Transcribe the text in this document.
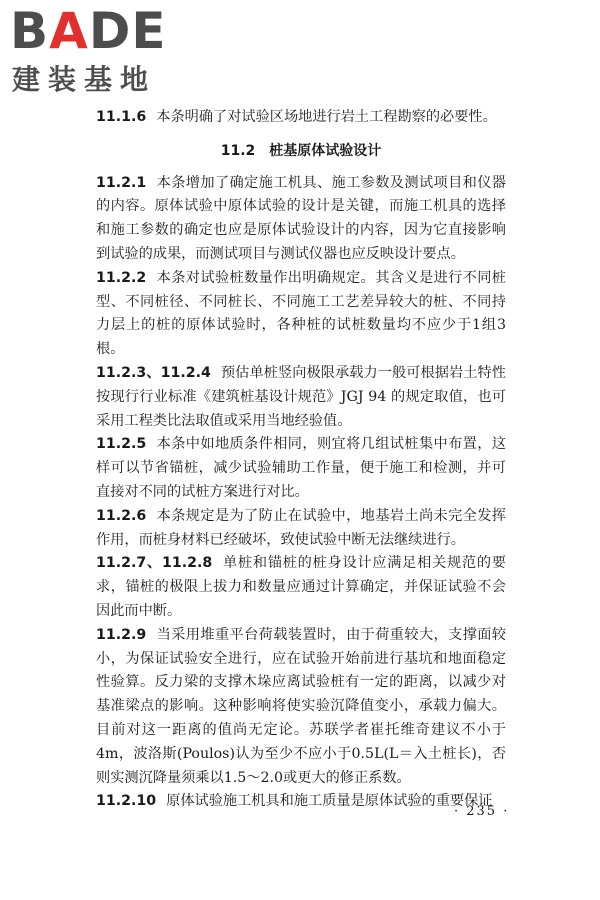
BADE
建装基地

11.1.6 本条明确了对试验区场地进行岩土工程勘察的必要性。

11.2 桩基原体试验设计

11.2.1 本条增加了确定施工机具、施工参数及测试项目和仪器的内容。原体试验中原体试验的设计是关键，而施工机具的选择和施工参数的确定也应是原体试验设计的内容，因为它直接影响到试验的成果，而测试项目与测试仪器也应反映设计要点。

11.2.2 本条对试验桩数量作出明确规定。其含义是进行不同桩型、不同桩径、不同桩长、不同施工工艺差异较大的桩、不同持力层上的桩的原体试验时，各种桩的试桩数量均不应少于1组3根。

11.2.3、11.2.4 预估单桩竖向极限承载力一般可根据岩土特性按现行行业标准《建筑桩基设计规范》JGJ 94 的规定取值，也可采用工程类比法取值或采用当地经验值。

11.2.5 本条中如地质条件相同，则宜将几组试桩集中布置，这样可以节省锚桩，减少试验辅助工作量，便于施工和检测，并可直接对不同的试桩方案进行对比。

11.2.6 本条规定是为了防止在试验中，地基岩土尚未完全发挥作用，而桩身材料已经破坏，致使试验中断无法继续进行。

11.2.7、11.2.8 单桩和锚桩的桩身设计应满足相关规范的要求，锚桩的极限上拔力和数量应通过计算确定，并保证试验不会因此而中断。

11.2.9 当采用堆重平台荷载装置时，由于荷重较大，支撑面较小，为保证试验安全进行，应在试验开始前进行基坑和地面稳定性验算。反力梁的支撑木垛应离试验桩有一定的距离，以减少对基准梁点的影响。这种影响将使实验沉降值变小，承载力偏大。目前对这一距离的值尚无定论。苏联学者崔托维奇建议不小于4m，波洛斯(Poulos)认为至少不应小于0.5L(L＝入土桩长)，否则实测沉降量须乘以1.5～2.0或更大的修正系数。

11.2.10 原体试验施工机具和施工质量是原体试验的重要保证

· 235 ·
